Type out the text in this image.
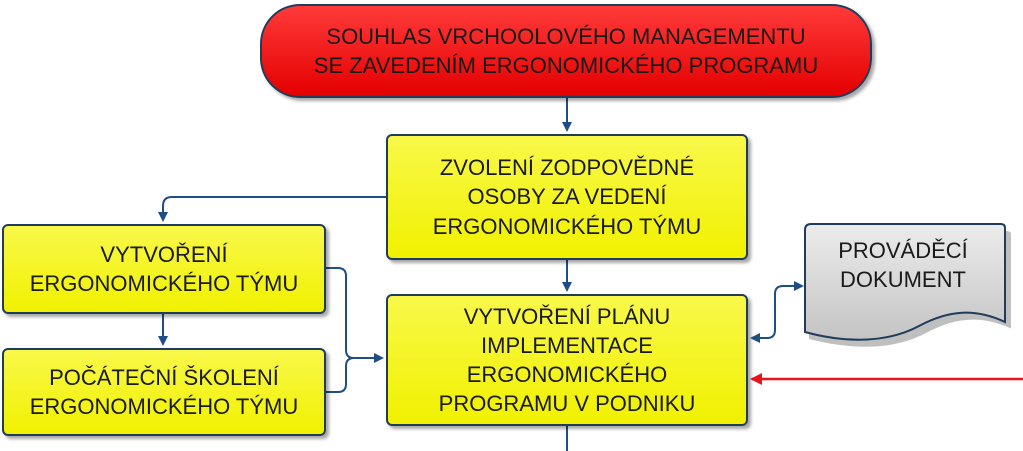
SOUHLAS VRCHOOLOVÉHO MANAGEMENTU
SE ZAVEDENÍM ERGONOMICKÉHO PROGRAMU
ZVOLENÍ ZODPOVĚDNÉ
OSOBY ZA VEDENÍ
ERGONOMICKÉHO TÝMU
VYTVOŘENÍ
ERGONOMICKÉHO TÝMU
POČÁTEČNÍ ŠKOLENÍ
ERGONOMICKÉHO TÝMU
VYTVOŘENÍ PLÁNU
IMPLEMENTACE
ERGONOMICKÉHO
PROGRAMU V PODNIKU
PROVÁDĚCÍ
DOKUMENT
